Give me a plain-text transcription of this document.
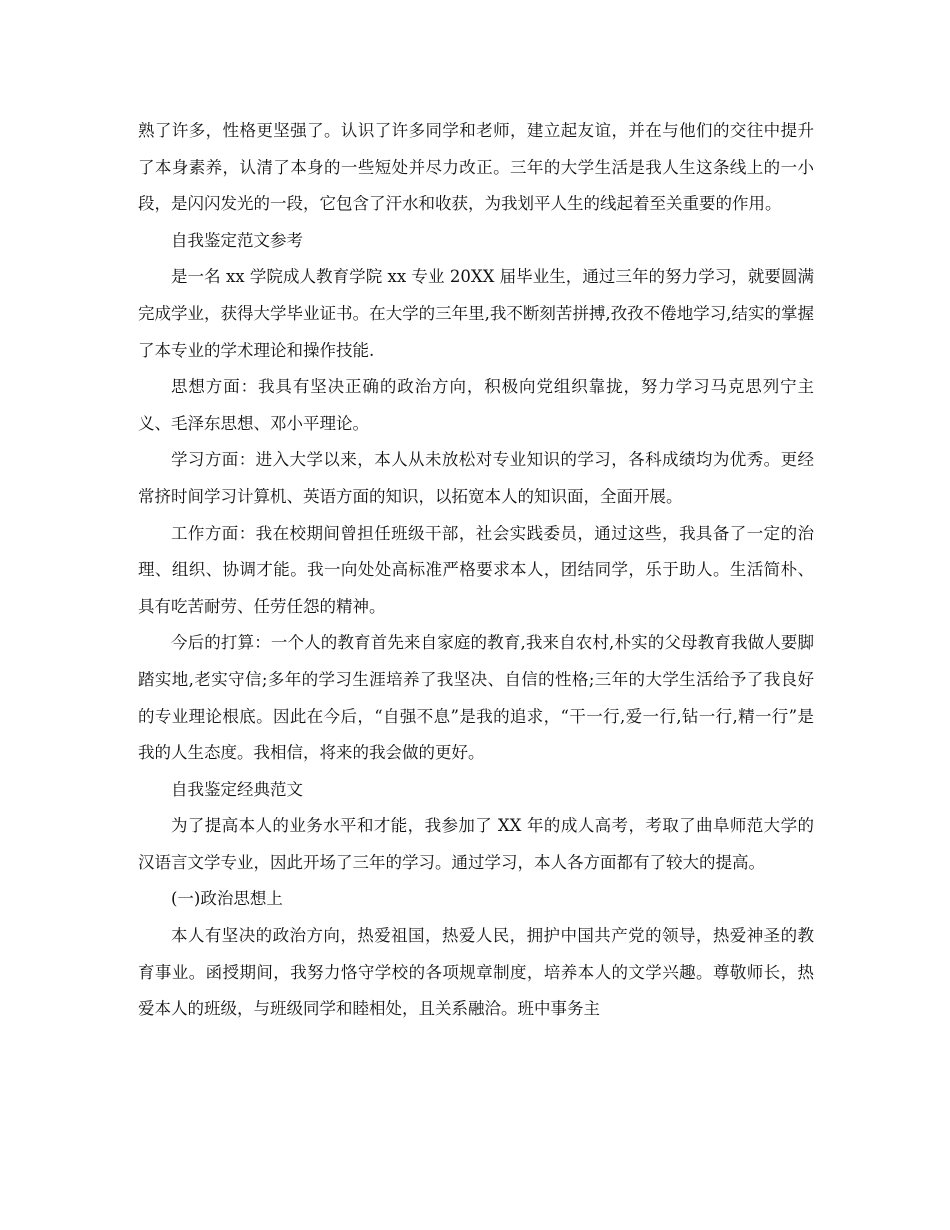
熟了许多，性格更坚强了。认识了许多同学和老师，建立起友谊，并在与他们的交往中提升了本身素养，认清了本身的一些短处并尽力改正。三年的大学生活是我人生这条线上的一小段，是闪闪发光的一段，它包含了汗水和收获，为我划平人生的线起着至关重要的作用。

自我鉴定范文参考

是一名 xx 学院成人教育学院 xx 专业 20XX 届毕业生，通过三年的努力学习，就要圆满完成学业，获得大学毕业证书。在大学的三年里,我不断刻苦拼搏,孜孜不倦地学习,结实的掌握了本专业的学术理论和操作技能.

思想方面：我具有坚决正确的政治方向，积极向党组织靠拢，努力学习马克思列宁主义、毛泽东思想、邓小平理论。

学习方面：进入大学以来，本人从未放松对专业知识的学习，各科成绩均为优秀。更经常挤时间学习计算机、英语方面的知识，以拓宽本人的知识面，全面开展。

工作方面：我在校期间曾担任班级干部，社会实践委员，通过这些，我具备了一定的治理、组织、协调才能。我一向处处高标准严格要求本人，团结同学，乐于助人。生活简朴、具有吃苦耐劳、任劳任怨的精神。

今后的打算：一个人的教育首先来自家庭的教育,我来自农村,朴实的父母教育我做人要脚踏实地,老实守信;多年的学习生涯培养了我坚决、自信的性格;三年的大学生活给予了我良好的专业理论根底。因此在今后，“自强不息”是我的追求，“干一行,爱一行,钻一行,精一行”是我的人生态度。我相信，将来的我会做的更好。

自我鉴定经典范文

为了提高本人的业务水平和才能，我参加了 XX 年的成人高考，考取了曲阜师范大学的汉语言文学专业，因此开场了三年的学习。通过学习，本人各方面都有了较大的提高。

(一)政治思想上

本人有坚决的政治方向，热爱祖国，热爱人民，拥护中国共产党的领导，热爱神圣的教育事业。函授期间，我努力恪守学校的各项规章制度，培养本人的文学兴趣。尊敬师长，热爱本人的班级，与班级同学和睦相处，且关系融洽。班中事务主
